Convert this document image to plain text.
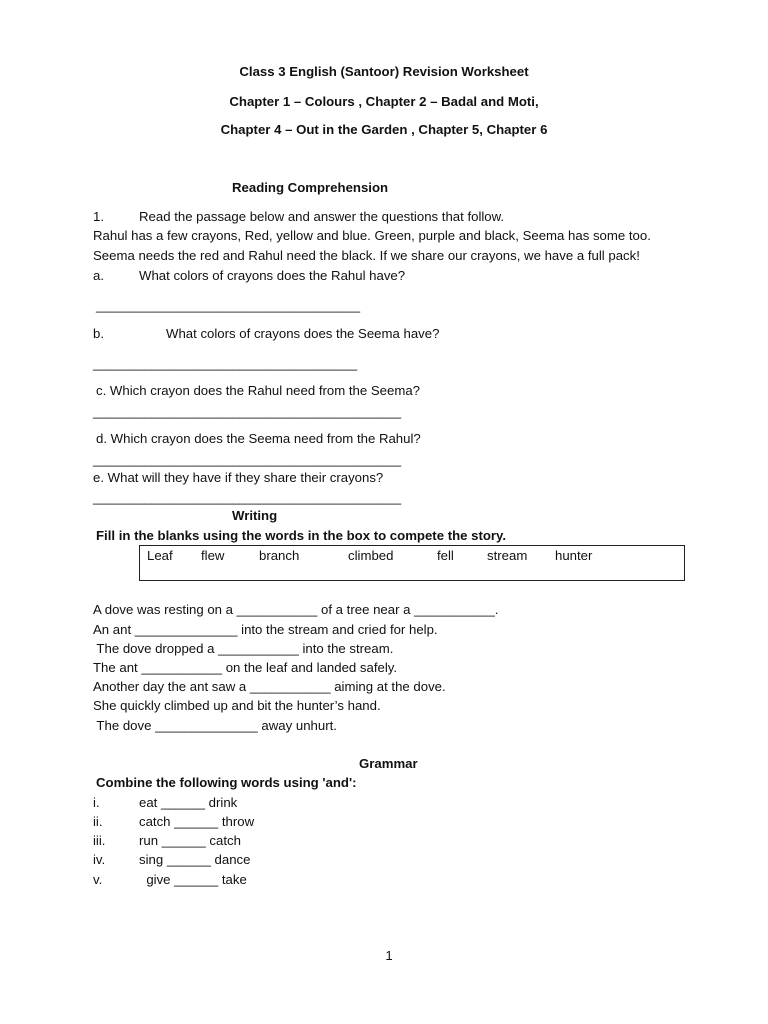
Class 3 English (Santoor) Revision Worksheet
Chapter 1 – Colours , Chapter 2 – Badal and Moti,
Chapter 4 – Out in the Garden , Chapter 5, Chapter 6
Reading Comprehension
1.	Read the passage below and answer the questions that follow.
Rahul has a few crayons, Red, yellow and blue. Green, purple and black, Seema has some too.
Seema needs the red and Rahul need the black. If we share our crayons, we have a full pack!
a.	What colors of crayons does the Rahul have?
____________________________________
b.	What colors of crayons does the Seema have?
____________________________________
c. Which crayon does the Rahul need from the Seema?
__________________________________________
d. Which crayon does the Seema need from the Rahul?
__________________________________________
e. What will they have if they share their crayons?
__________________________________________
Writing
Fill in the blanks using the words in the box to compete the story.
Leaf flew	branch	climbed	fell	stream hunter
A dove was resting on a ___________ of a tree near a ___________.
An ant ______________ into the stream and cried for help.
The dove dropped a ___________ into the stream.
The ant ___________ on the leaf and landed safely.
Another day the ant saw a ___________ aiming at the dove.
She quickly climbed up and bit the hunter’s hand.
The dove ______________ away unhurt.
Grammar
Combine the following words using 'and':
i.	eat ______ drink
ii.	catch ______ throw
iii.	run ______ catch
iv.	sing ______ dance
v.	give ______ take
1
